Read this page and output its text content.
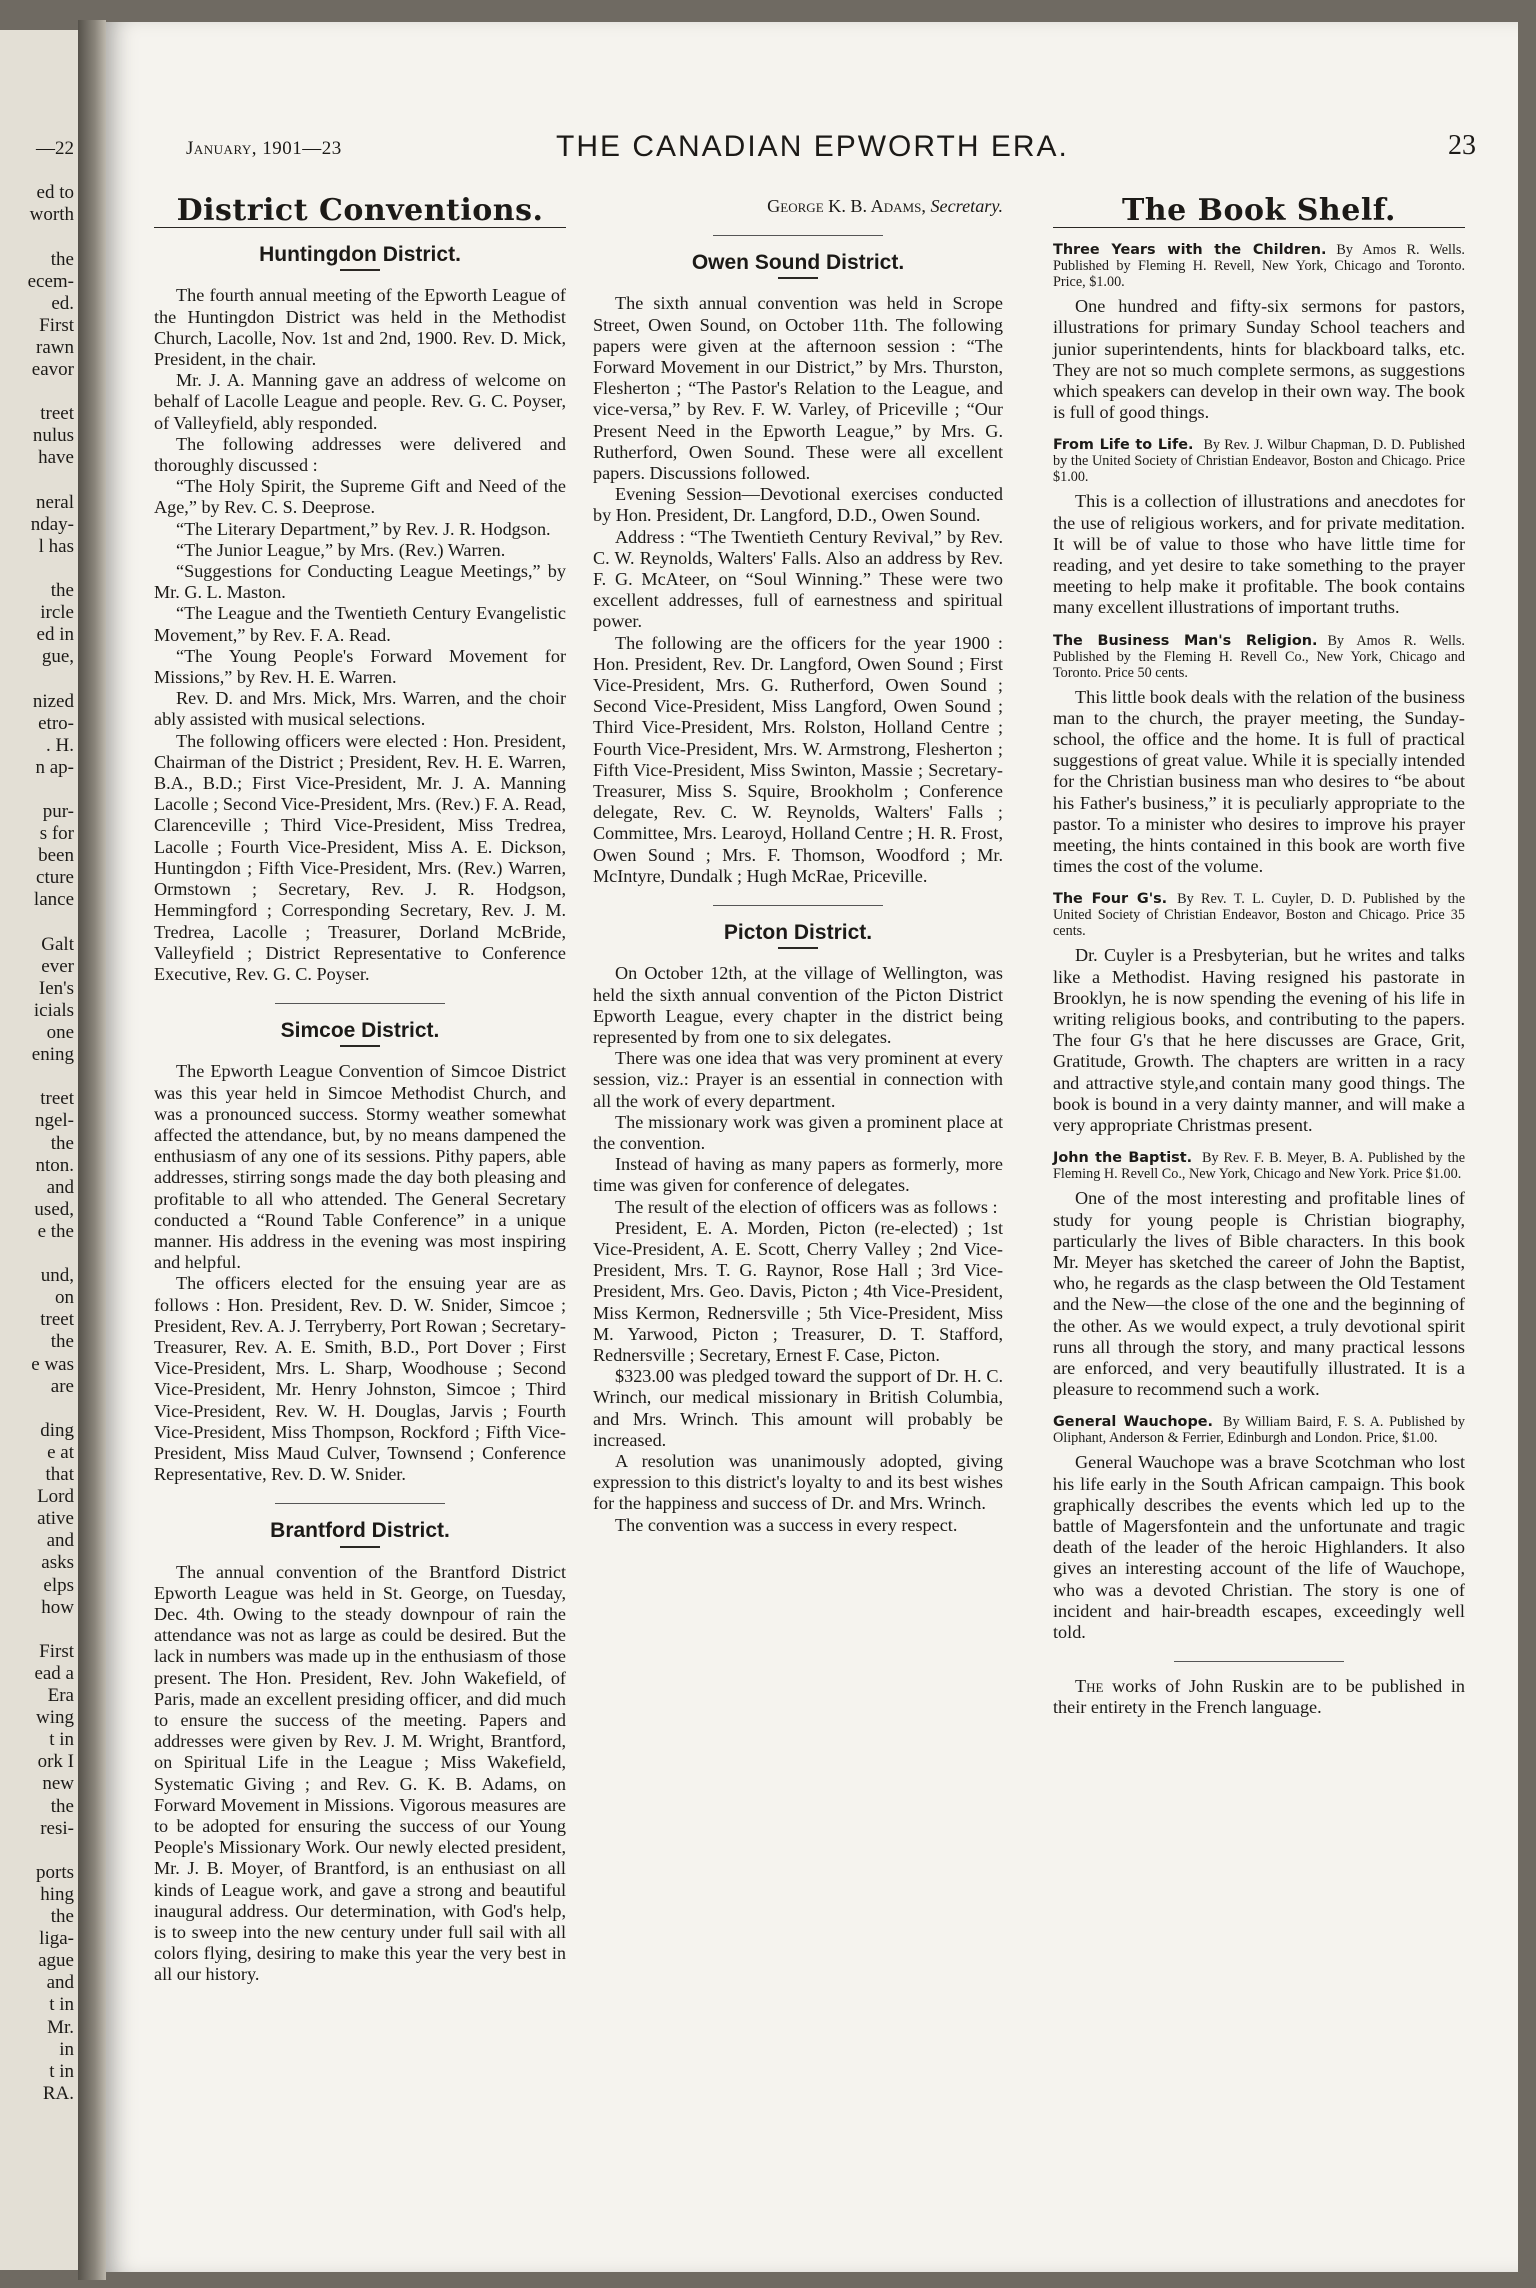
—22
ed to
worth
the
ecem-
ed.
First
rawn
eavor
treet
nulus
have
neral
nday-
l has
the
ircle
ed in
gue,
nized
etro-
. H.
n ap-
pur-
s for
been
cture
lance
Galt
ever
Ien's
icials
one
ening
treet
ngel-
the
nton.
and
used,
e the
und,
on
treet
the
e was
are
ding
e at
that
Lord
ative
and
asks
elps
how
First
ead a
Era
wing
t in
ork I
new
the
resi-
ports
hing
the
liga-
ague
and
t in
Mr.
in
t in
RA.
January, 1901—23	THE CANADIAN EPWORTH ERA.	23
District Conventions.
Huntingdon District.

The fourth annual meeting of the Epworth League of the Huntingdon District was held in the Methodist Church, Lacolle, Nov. 1st and 2nd, 1900. Rev. D. Mick, President, in the chair.

Mr. J. A. Manning gave an address of welcome on behalf of Lacolle League and people. Rev. G. C. Poyser, of Valleyfield, ably responded.

The following addresses were delivered and thoroughly discussed :

“The Holy Spirit, the Supreme Gift and Need of the Age,” by Rev. C. S. Deeprose.

“The Literary Department,” by Rev. J. R. Hodgson.

“The Junior League,” by Mrs. (Rev.) Warren.

“Suggestions for Conducting League Meetings,” by Mr. G. L. Maston.

“The League and the Twentieth Century Evangelistic Movement,” by Rev. F. A. Read.

“The Young People's Forward Movement for Missions,” by Rev. H. E. Warren.

Rev. D. and Mrs. Mick, Mrs. Warren, and the choir ably assisted with musical selections.

The following officers were elected : Hon. President, Chairman of the District ; President, Rev. H. E. Warren, B.A., B.D.; First Vice-President, Mr. J. A. Manning Lacolle ; Second Vice-President, Mrs. (Rev.) F. A. Read, Clarenceville ; Third Vice-President, Miss Tredrea, Lacolle ; Fourth Vice-President, Miss A. E. Dickson, Huntingdon ; Fifth Vice-President, Mrs. (Rev.) Warren, Ormstown ; Secretary, Rev. J. R. Hodgson, Hemmingford ; Corresponding Secretary, Rev. J. M. Tredrea, Lacolle ; Treasurer, Dorland McBride, Valleyfield ; District Representative to Conference Executive, Rev. G. C. Poyser.

Simcoe District.

The Epworth League Convention of Simcoe District was this year held in Simcoe Methodist Church, and was a pronounced success. Stormy weather somewhat affected the attendance, but, by no means dampened the enthusiasm of any one of its sessions. Pithy papers, able addresses, stirring songs made the day both pleasing and profitable to all who attended. The General Secretary conducted a “Round Table Conference” in a unique manner. His address in the evening was most inspiring and helpful.

The officers elected for the ensuing year are as follows : Hon. President, Rev. D. W. Snider, Simcoe ; President, Rev. A. J. Terryberry, Port Rowan ; Secretary-Treasurer, Rev. A. E. Smith, B.D., Port Dover ; First Vice-President, Mrs. L. Sharp, Woodhouse ; Second Vice-President, Mr. Henry Johnston, Simcoe ; Third Vice-President, Rev. W. H. Douglas, Jarvis ; Fourth Vice-President, Miss Thompson, Rockford ; Fifth Vice-President, Miss Maud Culver, Townsend ; Conference Representative, Rev. D. W. Snider.

Brantford District.

The annual convention of the Brantford District Epworth League was held in St. George, on Tuesday, Dec. 4th. Owing to the steady downpour of rain the attendance was not as large as could be desired. But the lack in numbers was made up in the enthusiasm of those present. The Hon. President, Rev. John Wakefield, of Paris, made an excellent presiding officer, and did much to ensure the success of the meeting. Papers and addresses were given by Rev. J. M. Wright, Brantford, on Spiritual Life in the League ; Miss Wakefield, Systematic Giving ; and Rev. G. K. B. Adams, on Forward Movement in Missions. Vigorous measures are to be adopted for ensuring the success of our Young People's Missionary Work. Our newly elected president, Mr. J. B. Moyer, of Brantford, is an enthusiast on all kinds of League work, and gave a strong and beautiful inaugural address. Our determination, with God's help, is to sweep into the new century under full sail with all colors flying, desiring to make this year the very best in all our history.

George K. B. Adams, Secretary.

Owen Sound District.

The sixth annual convention was held in Scrope Street, Owen Sound, on October 11th. The following papers were given at the afternoon session : “The Forward Movement in our District,” by Mrs. Thurston, Flesherton ; “The Pastor's Relation to the League, and vice-versa,” by Rev. F. W. Varley, of Priceville ; “Our Present Need in the Epworth League,” by Mrs. G. Rutherford, Owen Sound. These were all excellent papers. Discussions followed.

Evening Session—Devotional exercises conducted by Hon. President, Dr. Langford, D.D., Owen Sound.

Address : “The Twentieth Century Revival,” by Rev. C. W. Reynolds, Walters' Falls. Also an address by Rev. F. G. McAteer, on “Soul Winning.” These were two excellent addresses, full of earnestness and spiritual power.

The following are the officers for the year 1900 : Hon. President, Rev. Dr. Langford, Owen Sound ; First Vice-President, Mrs. G. Rutherford, Owen Sound ; Second Vice-President, Miss Langford, Owen Sound ; Third Vice-President, Mrs. Rolston, Holland Centre ; Fourth Vice-President, Mrs. W. Armstrong, Flesherton ; Fifth Vice-President, Miss Swinton, Massie ; Secretary-Treasurer, Miss S. Squire, Brookholm ; Conference delegate, Rev. C. W. Reynolds, Walters' Falls ; Committee, Mrs. Learoyd, Holland Centre ; H. R. Frost, Owen Sound ; Mrs. F. Thomson, Woodford ; Mr. McIntyre, Dundalk ; Hugh McRae, Priceville.

Picton District.

On October 12th, at the village of Wellington, was held the sixth annual convention of the Picton District Epworth League, every chapter in the district being represented by from one to six delegates.

There was one idea that was very prominent at every session, viz.: Prayer is an essential in connection with all the work of every department.

The missionary work was given a prominent place at the convention.

Instead of having as many papers as formerly, more time was given for conference of delegates.

The result of the election of officers was as follows :

President, E. A. Morden, Picton (re-elected) ; 1st Vice-President, A. E. Scott, Cherry Valley ; 2nd Vice-President, Mrs. T. G. Raynor, Rose Hall ; 3rd Vice-President, Mrs. Geo. Davis, Picton ; 4th Vice-President, Miss Kermon, Rednersville ; 5th Vice-President, Miss M. Yarwood, Picton ; Treasurer, D. T. Stafford, Rednersville ; Secretary, Ernest F. Case, Picton.

$323.00 was pledged toward the support of Dr. H. C. Wrinch, our medical missionary in British Columbia, and Mrs. Wrinch. This amount will probably be increased.

A resolution was unanimously adopted, giving expression to this district's loyalty to and its best wishes for the happiness and success of Dr. and Mrs. Wrinch.

The convention was a success in every respect.

The Book Shelf.
Three Years with the Children. By Amos R. Wells. Published by Fleming H. Revell, New York, Chicago and Toronto. Price, $1.00.

One hundred and fifty-six sermons for pastors, illustrations for primary Sunday School teachers and junior superintendents, hints for blackboard talks, etc. They are not so much complete sermons, as suggestions which speakers can develop in their own way. The book is full of good things.

From Life to Life. By Rev. J. Wilbur Chapman, D. D. Published by the United Society of Christian Endeavor, Boston and Chicago. Price $1.00.

This is a collection of illustrations and anecdotes for the use of religious workers, and for private meditation. It will be of value to those who have little time for reading, and yet desire to take something to the prayer meeting to help make it profitable. The book contains many excellent illustrations of important truths.

The Business Man's Religion. By Amos R. Wells. Published by the Fleming H. Revell Co., New York, Chicago and Toronto. Price 50 cents.

This little book deals with the relation of the business man to the church, the prayer meeting, the Sunday-school, the office and the home. It is full of practical suggestions of great value. While it is specially intended for the Christian business man who desires to “be about his Father's business,” it is peculiarly appropriate to the pastor. To a minister who desires to improve his prayer meeting, the hints contained in this book are worth five times the cost of the volume.

The Four G's. By Rev. T. L. Cuyler, D. D. Published by the United Society of Christian Endeavor, Boston and Chicago. Price 35 cents.

Dr. Cuyler is a Presbyterian, but he writes and talks like a Methodist. Having resigned his pastorate in Brooklyn, he is now spending the evening of his life in writing religious books, and contributing to the papers. The four G's that he here discusses are Grace, Grit, Gratitude, Growth. The chapters are written in a racy and attractive style,and contain many good things. The book is bound in a very dainty manner, and will make a very appropriate Christmas present.

John the Baptist. By Rev. F. B. Meyer, B. A. Published by the Fleming H. Revell Co., New York, Chicago and New York. Price $1.00.

One of the most interesting and profitable lines of study for young people is Christian biography, particularly the lives of Bible characters. In this book Mr. Meyer has sketched the career of John the Baptist, who, he regards as the clasp between the Old Testament and the New—the close of the one and the beginning of the other. As we would expect, a truly devotional spirit runs all through the story, and many practical lessons are enforced, and very beautifully illustrated. It is a pleasure to recommend such a work.

General Wauchope. By William Baird, F. S. A. Published by Oliphant, Anderson & Ferrier, Edinburgh and London. Price, $1.00.

General Wauchope was a brave Scotchman who lost his life early in the South African campaign. This book graphically describes the events which led up to the battle of Magersfontein and the unfortunate and tragic death of the leader of the heroic Highlanders. It also gives an interesting account of the life of Wauchope, who was a devoted Christian. The story is one of incident and hair-breadth escapes, exceedingly well told.

The works of John Ruskin are to be published in their entirety in the French language.
